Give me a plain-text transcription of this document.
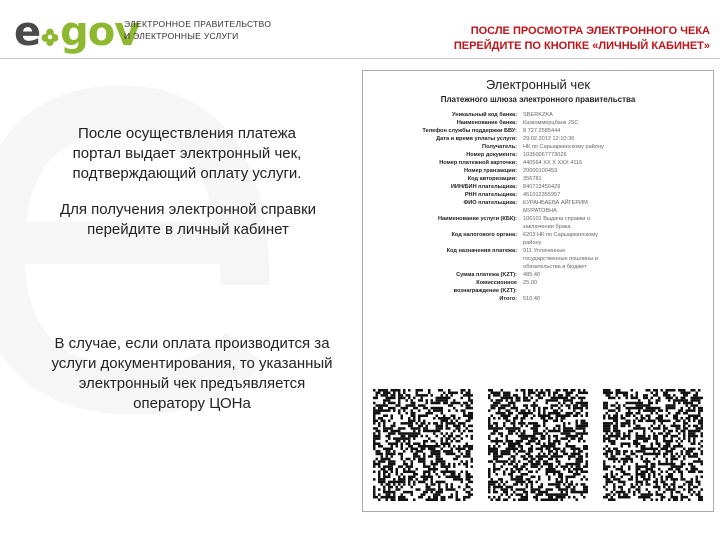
e gov
ЭЛЕКТРОННОЕ ПРАВИТЕЛЬСТВО
И ЭЛЕКТРОННЫЕ УСЛУГИ	ПОСЛЕ ПРОСМОТРА ЭЛЕКТРОННОГО ЧЕКА
ПЕРЕЙДИТЕ ПО КНОПКЕ «ЛИЧНЫЙ КАБИНЕТ»
После осуществления платежа портал выдает электронный чек, подтверждающий оплату услуги.
Для получения электронной справки перейдите в личный кабинет
В случае, если оплата производится за услуги документирования, то указанный электронный чек предъявляется оператору ЦОНа
Электронный чек
Платежного шлюза электронного правительства
Уникальный код банка:	SBERKZKA
Наименование банка:	Казкоммерцбанк JSC
Телефон службы поддержки БВУ:	8 727 2585444
Дата и время уплаты услуги:	29.02.2012 12:10:36
Получатель:	НК по Сарыаркинскому району
Номер документа:	10350067773026
Номер платежной карточки:	440564 XX X XXX 4116
Номер транзакции:	20000100453
Код авторизации:	356781
ИИН/БИН плательщика:	840713450429
РНН плательщика:	451012355957
ФИО плательщика:	КУРАНБАЕВА АЙГЕРИМ
МУРАТОВНА
Наименование услуги (КБК):	106101 Выдача справки о
заключении брака
Код налогового органа:	6203 НК по Сарыаркинскому
району
Код назначения платежа:	911 Уплаченные
государственные пошлины и
обязательства в бюджет
Сумма платежа (KZT):	485.40
Комиссионное	25.00
вознаграждение (KZT):
Итого:	510.40
